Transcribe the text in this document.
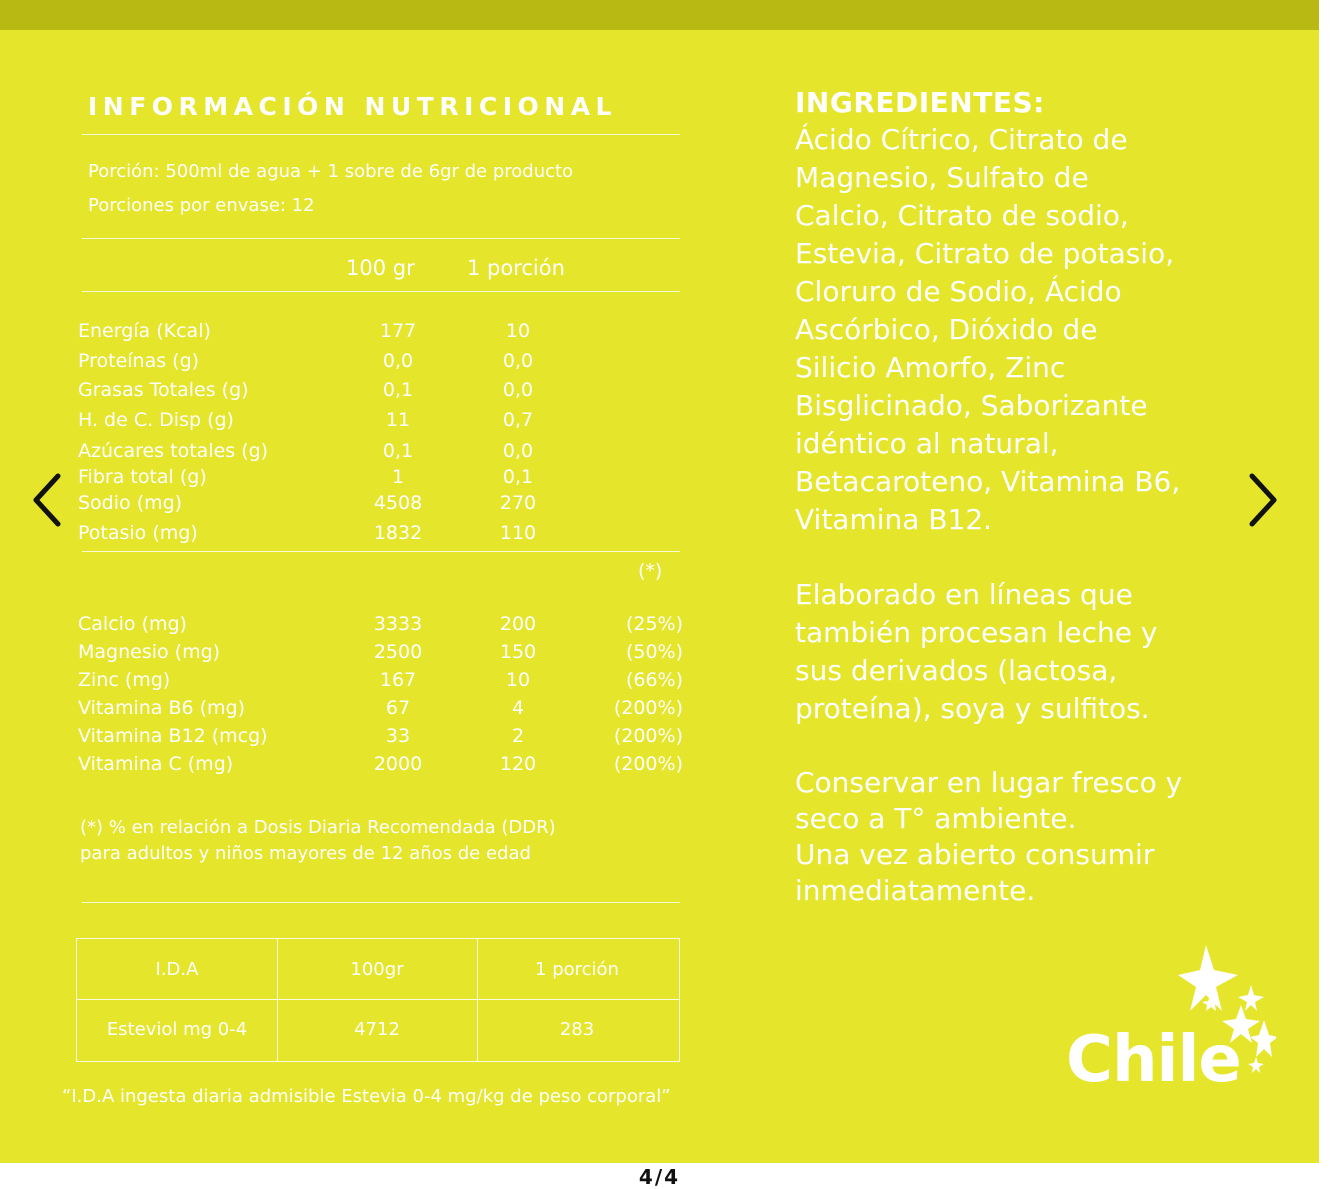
INFORMACIÓN NUTRICIONAL
Porción: 500ml de agua + 1 sobre de 6gr de producto
Porciones por envase: 12
100 gr 1 porción
Energía (Kcal)	177	10
Proteínas (g)	0,0	0,0
Grasas Totales (g)	0,1	0,0
H. de C. Disp (g)	11	0,7
Azúcares totales (g)	0,1	0,0
Fibra total (g)	1	0,1
Sodio (mg)	4508	270
Potasio (mg)	1832	110
(*)
Calcio (mg)	3333	200	(25%)
Magnesio (mg)	2500	150	(50%)
Zinc (mg)	167	10	(66%)
Vitamina B6 (mg)	67	4	(200%)
Vitamina B12 (mcg)	33	2	(200%)
Vitamina C (mg)	2000	120	(200%)
(*) % en relación a Dosis Diaria Recomendada (DDR)
para adultos y niños mayores de 12 años de edad
I.D.A	100gr	1 porción
Esteviol mg 0-4	4712	283
“I.D.A ingesta diaria admisible Estevia 0-4 mg/kg de peso corporal”
INGREDIENTES:
Ácido Cítrico, Citrato de
Magnesio, Sulfato de
Calcio, Citrato de sodio,
Estevia, Citrato de potasio,
Cloruro de Sodio, Ácido
Ascórbico, Dióxido de
Silicio Amorfo, Zinc
Bisglicinado, Saborizante
idéntico al natural,
Betacaroteno, Vitamina B6,
Vitamina B12.
Elaborado en líneas que
también procesan leche y
sus derivados (lactosa,
proteína), soya y sulfitos.
Conservar en lugar fresco y
seco a T° ambiente.
Una vez abierto consumir
inmediatamente.
Chile
4/4
